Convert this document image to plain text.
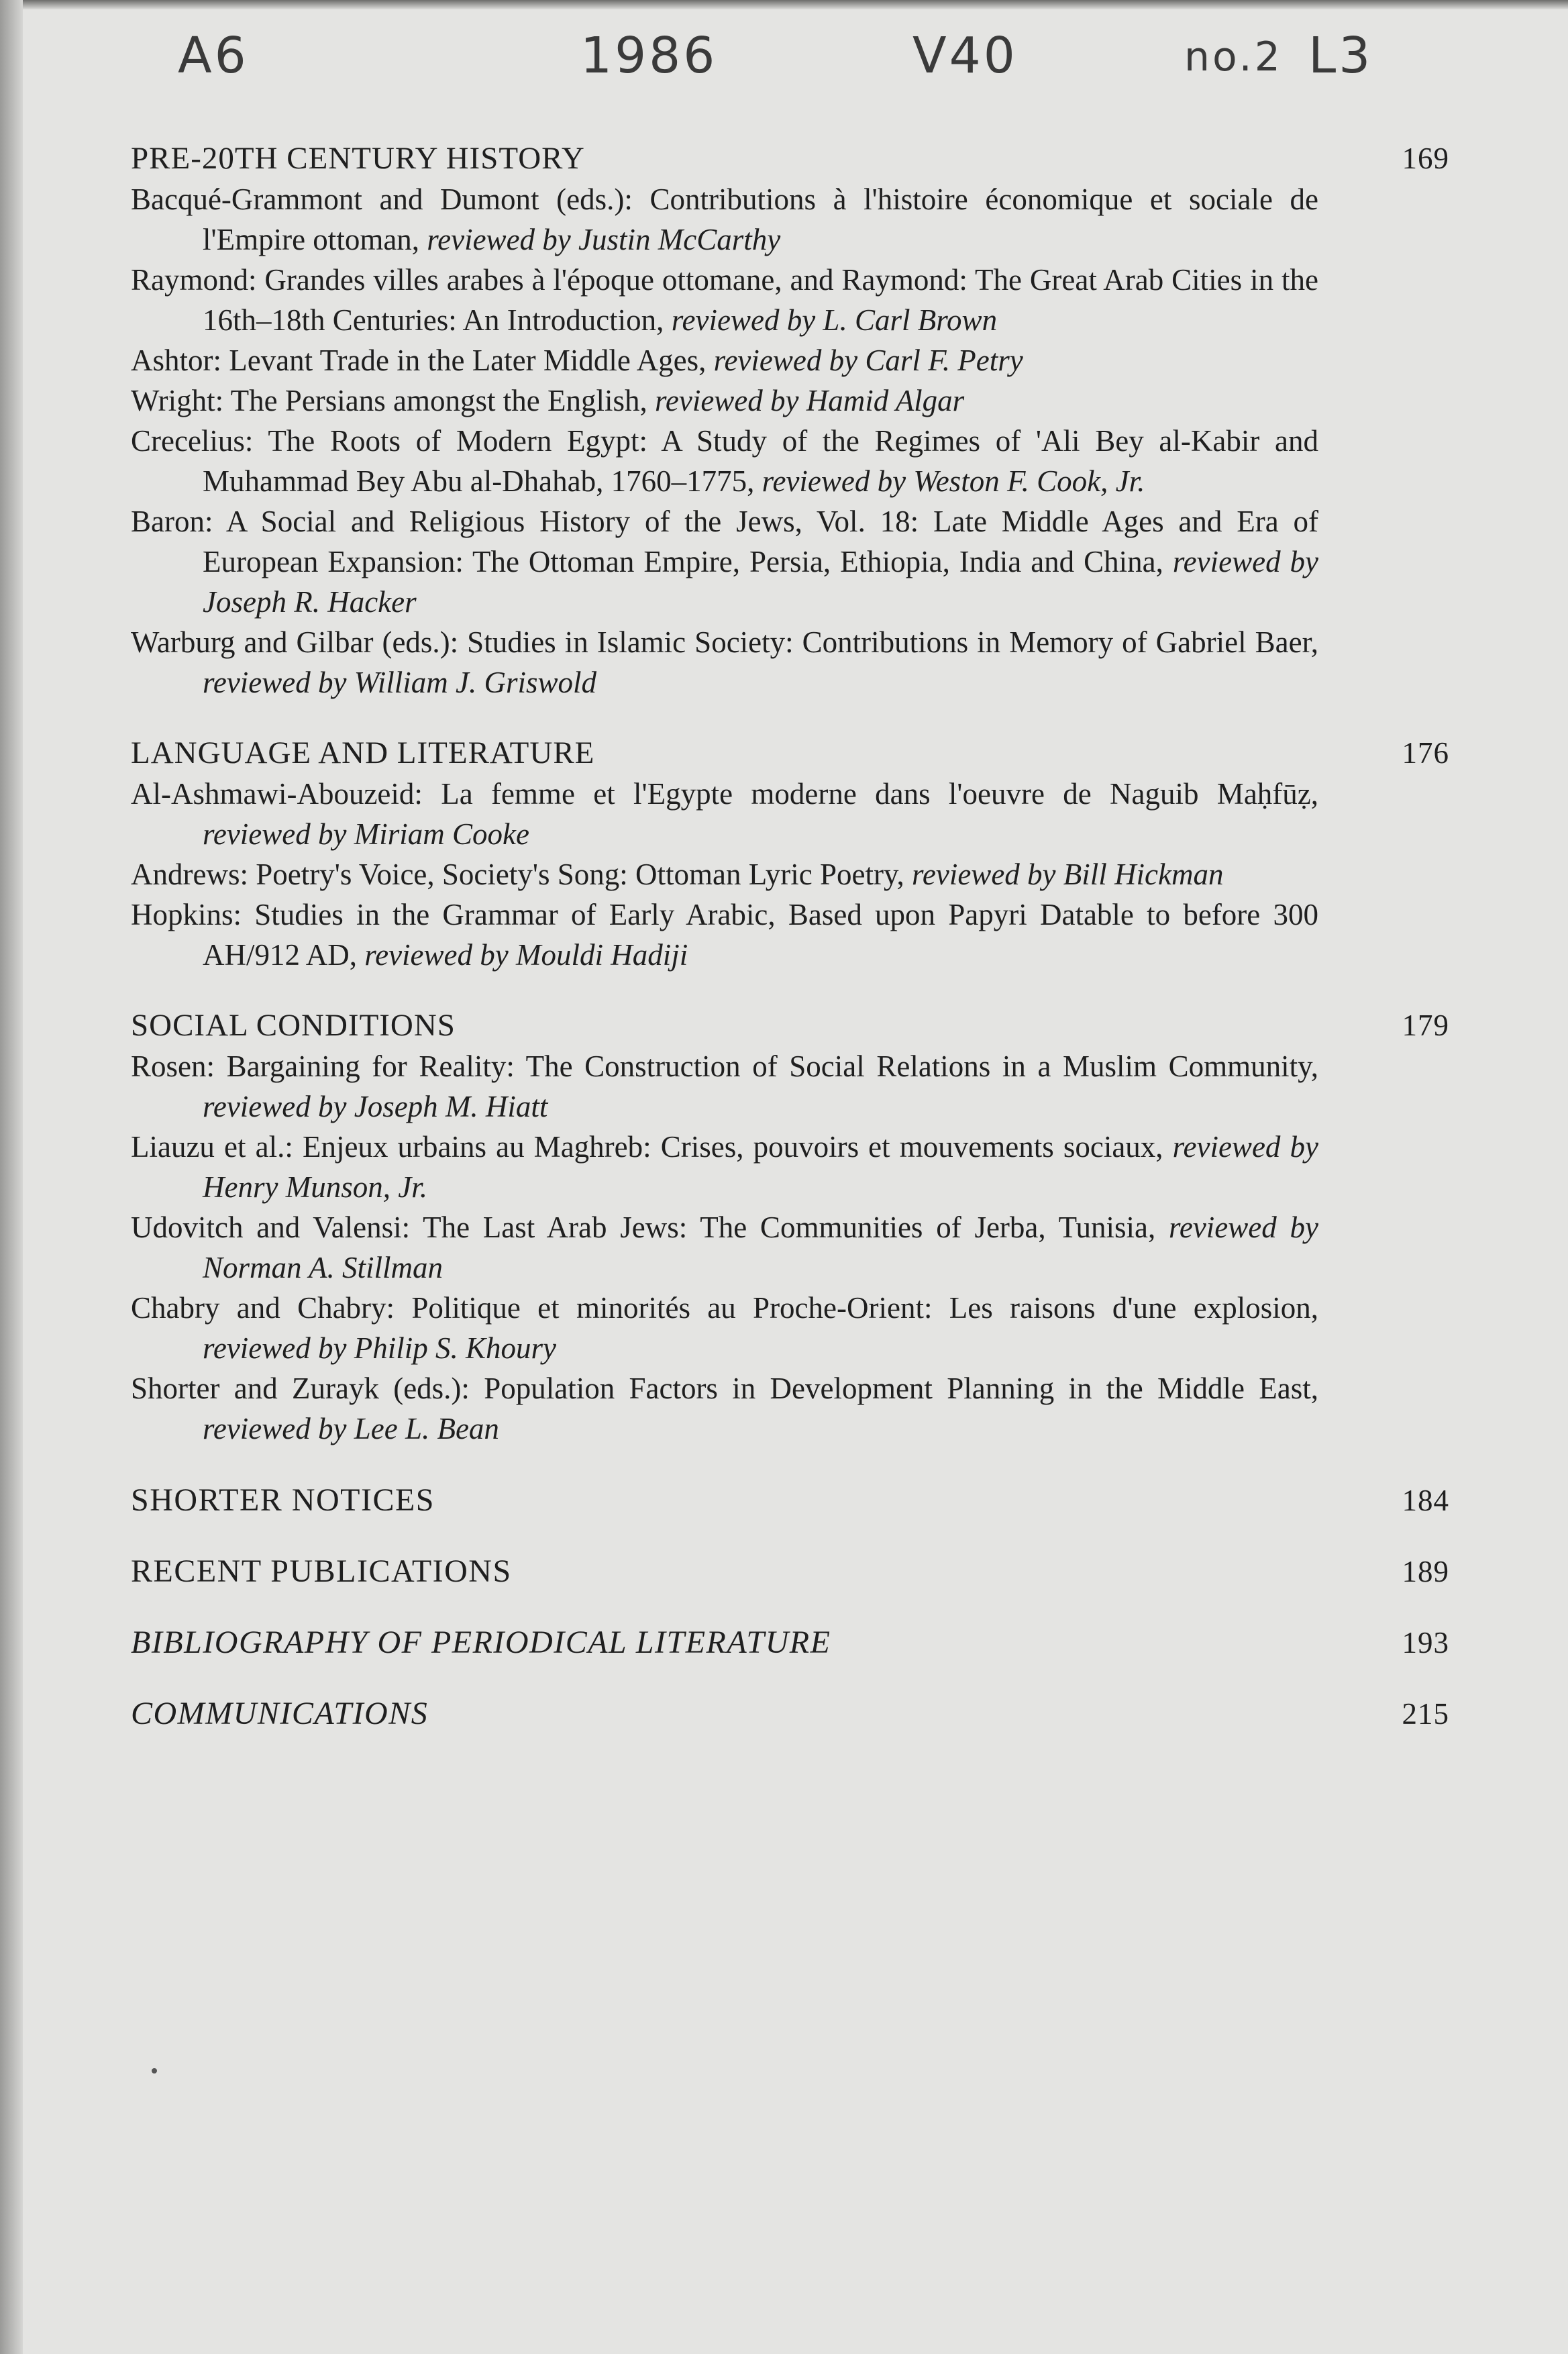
A6	1986	V40	no.2 L3
PRE-20TH CENTURY HISTORY	169
Bacqué-Grammont and Dumont (eds.): Contributions à l'histoire économique et sociale de l'Empire ottoman, reviewed by Justin McCarthy
Raymond: Grandes villes arabes à l'époque ottomane, and Raymond: The Great Arab Cities in the 16th–18th Centuries: An Introduction, reviewed by L. Carl Brown
Ashtor: Levant Trade in the Later Middle Ages, reviewed by Carl F. Petry
Wright: The Persians amongst the English, reviewed by Hamid Algar
Crecelius: The Roots of Modern Egypt: A Study of the Regimes of 'Ali Bey al-Kabir and Muhammad Bey Abu al-Dhahab, 1760–1775, reviewed by Weston F. Cook, Jr.
Baron: A Social and Religious History of the Jews, Vol. 18: Late Middle Ages and Era of European Expansion: The Ottoman Empire, Persia, Ethiopia, India and China, reviewed by Joseph R. Hacker
Warburg and Gilbar (eds.): Studies in Islamic Society: Contributions in Memory of Gabriel Baer, reviewed by William J. Griswold
LANGUAGE AND LITERATURE	176
Al-Ashmawi-Abouzeid: La femme et l'Egypte moderne dans l'oeuvre de Naguib Maḥfūẓ, reviewed by Miriam Cooke
Andrews: Poetry's Voice, Society's Song: Ottoman Lyric Poetry, reviewed by Bill Hickman
Hopkins: Studies in the Grammar of Early Arabic, Based upon Papyri Datable to before 300 AH/912 AD, reviewed by Mouldi Hadiji
SOCIAL CONDITIONS	179
Rosen: Bargaining for Reality: The Construction of Social Relations in a Muslim Community, reviewed by Joseph M. Hiatt
Liauzu et al.: Enjeux urbains au Maghreb: Crises, pouvoirs et mouvements sociaux, reviewed by Henry Munson, Jr.
Udovitch and Valensi: The Last Arab Jews: The Communities of Jerba, Tunisia, reviewed by Norman A. Stillman
Chabry and Chabry: Politique et minorités au Proche-Orient: Les raisons d'une explosion, reviewed by Philip S. Khoury
Shorter and Zurayk (eds.): Population Factors in Development Planning in the Middle East, reviewed by Lee L. Bean
SHORTER NOTICES	184
RECENT PUBLICATIONS	189
BIBLIOGRAPHY OF PERIODICAL LITERATURE	193
COMMUNICATIONS	215
